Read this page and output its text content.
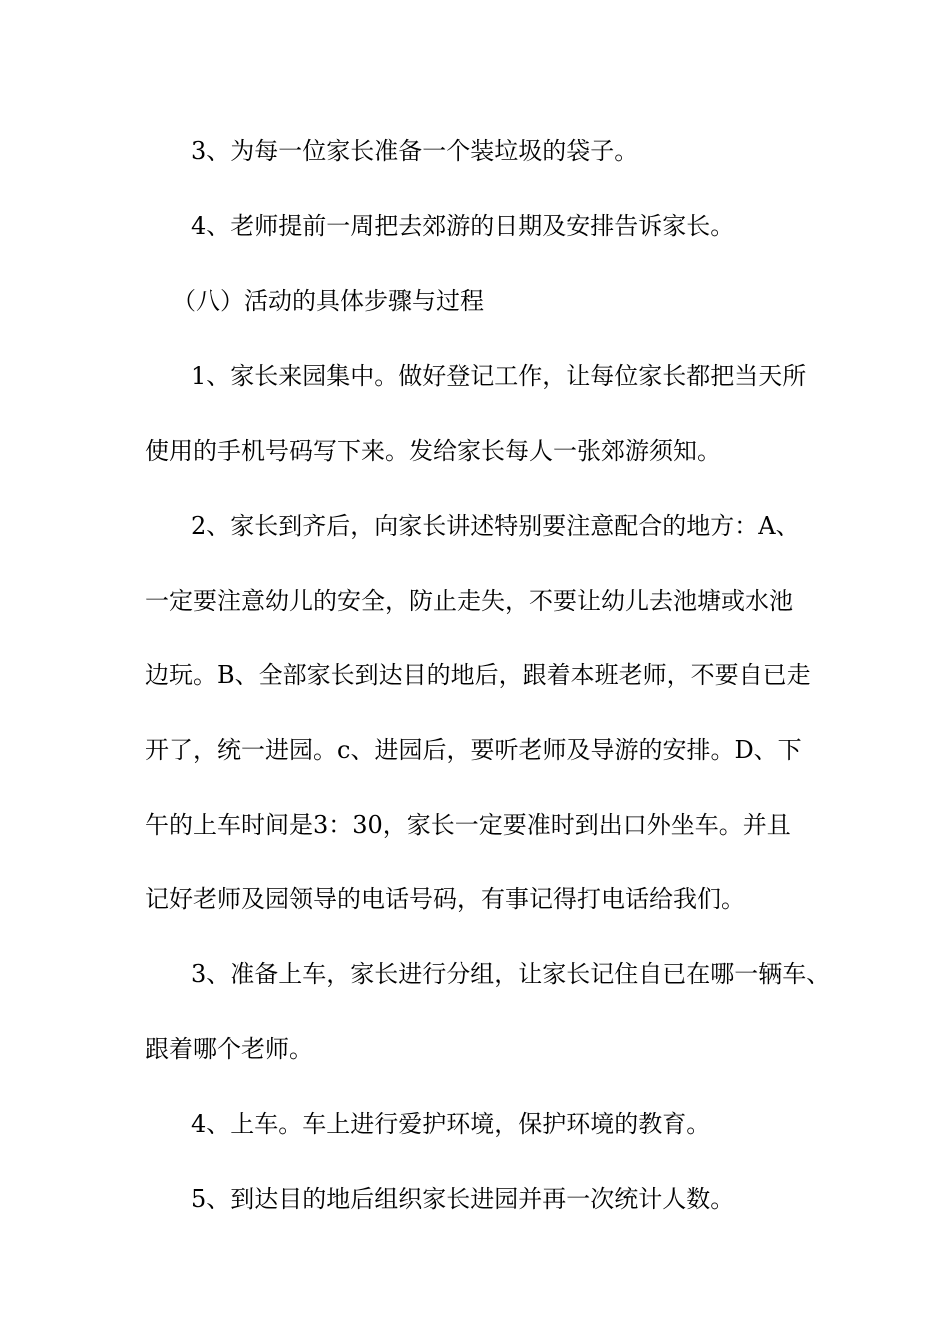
3、为每一位家长准备一个装垃圾的袋子。
4、老师提前一周把去郊游的日期及安排告诉家长。
（八）活动的具体步骤与过程
1、家长来园集中。做好登记工作，让每位家长都把当天所
使用的手机号码写下来。发给家长每人一张郊游须知。
2、家长到齐后，向家长讲述特别要注意配合的地方：A、
一定要注意幼儿的安全，防止走失，不要让幼儿去池塘或水池
边玩。B、全部家长到达目的地后，跟着本班老师，不要自已走
开了，统一进园。c、进园后，要听老师及导游的安排。D、下
午的上车时间是3：30，家长一定要准时到出口外坐车。并且
记好老师及园领导的电话号码，有事记得打电话给我们。
3、准备上车，家长进行分组，让家长记住自已在哪一辆车、
跟着哪个老师。
4、上车。车上进行爱护环境，保护环境的教育。
5、到达目的地后组织家长进园并再一次统计人数。
